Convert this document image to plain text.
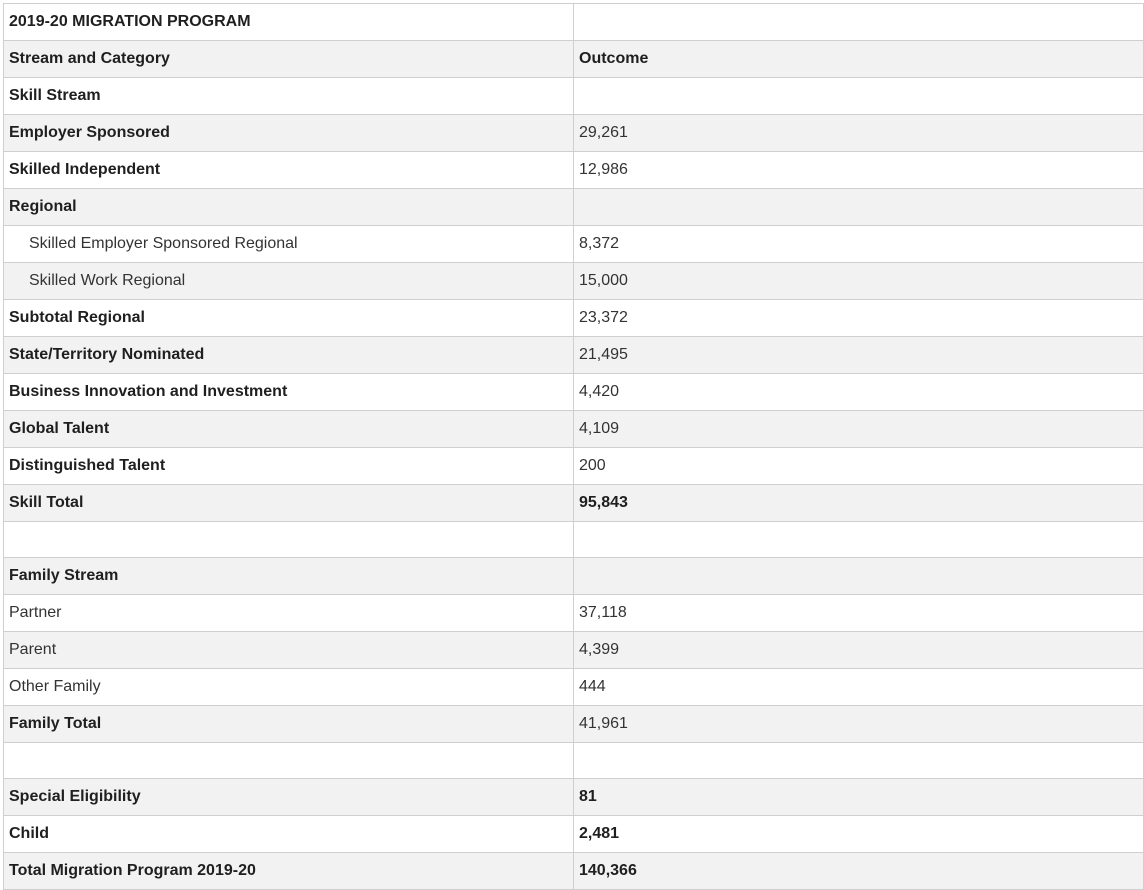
2019-20 MIGRATION PROGRAM	
Stream and Category	Outcome
Skill Stream	
Employer Sponsored	29,261
Skilled Independent	12,986
Regional	
Skilled Employer Sponsored Regional	8,372
Skilled Work Regional	15,000
Subtotal Regional	23,372
State/Territory Nominated	21,495
Business Innovation and Investment	4,420
Global Talent	4,109
Distinguished Talent	200
Skill Total	95,843

Family Stream	
Partner	37,118
Parent	4,399
Other Family	444
Family Total	41,961

Special Eligibility	81
Child	2,481
Total Migration Program 2019-20	140,366
